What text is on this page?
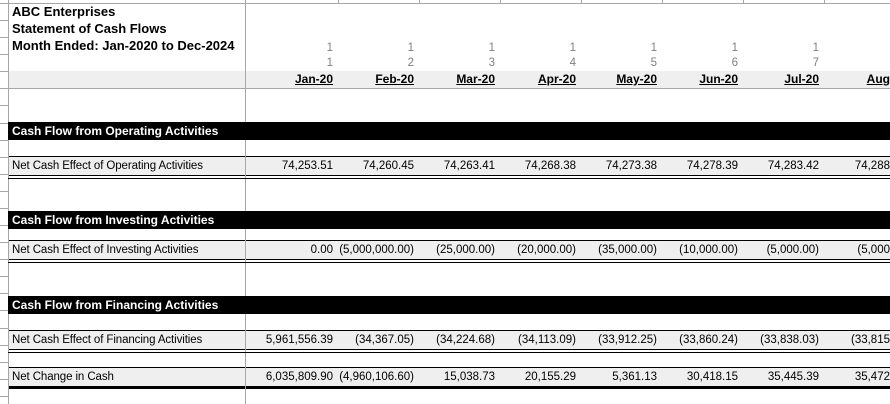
ABC Enterprises
Statement of Cash Flows
Month Ended: Jan-2020 to Dec-2024	1	1	1	1	1	1	1
1	2	3	4	5	6	7
Jan-20	Feb-20	Mar-20	Apr-20	May-20	Jun-20	Jul-20	Aug
Cash Flow from Operating Activities
Net Cash Effect of Operating Activities	74,253.51	74,260.45	74,263.41	74,268.38	74,273.38	74,278.39	74,283.42	74,288
Cash Flow from Investing Activities
Net Cash Effect of Investing Activities	0.00 (5,000,000.00)	(25,000.00)	(20,000.00)	(35,000.00)	(10,000.00)	(5,000.00)	(5,000
Cash Flow from Financing Activities
Net Cash Effect of Financing Activities	5,961,556.39	(34,367.05)	(34,224.68)	(34,113.09)	(33,912.25)	(33,860.24)	(33,838.03)	(33,815
Net Change in Cash	6,035,809.90 (4,960,106.60)	15,038.73	20,155.29	5,361.13	30,418.15	35,445.39	35,472
